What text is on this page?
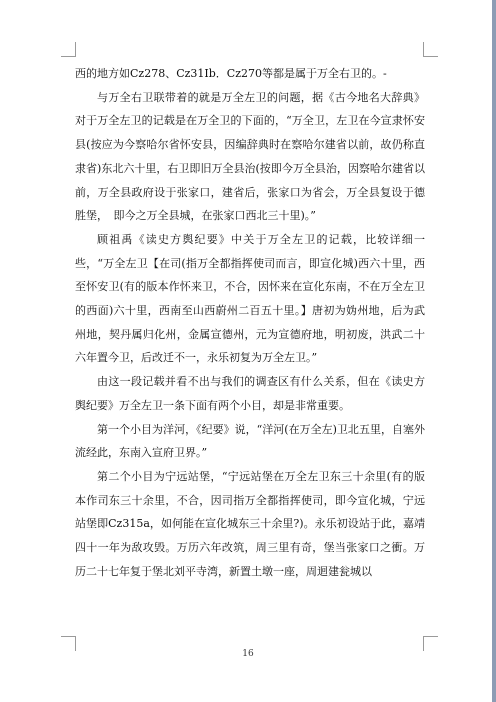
西的地方如Cz278、Cz31Ib．Cz270等都是属于万全右卫的。-

与万全右卫联带着的就是万全左卫的问题，据《古今地名大辞典》对于万全左卫的记载是在万全卫的下面的，“万全卫，左卫在今宣隶怀安县(按应为今察哈尔省怀安县，因编辞典时在察哈尔建省以前，故仍称直隶省)东北六十里，右卫即旧万全县治(按即今万全县治，因察哈尔建省以前，万全县政府设于张家口，建省后，张家口为省会，万全县复设于德胜堡，　即今之万全县城，在张家口西北三十里)。”

顾祖禹《读史方舆纪要》中关于万全左卫的记载，比较详细一些，“万全左卫【在司(指万全都指挥使司而言，即宣化城)西六十里，西至怀安卫(有的版本作怀来卫，不合，因怀来在宣化东南，不在万全左卫的西面)六十里，西南至山西蔚州二百五十里。】唐初为妫州地，后为武州地，契丹属归化州，金属宣德州，元为宣德府地，明初废，洪武二十六年置今卫，后改迁不一，永乐初复为万全左卫。”

由这一段记载并看不出与我们的调查区有什么关系，但在《读史方舆纪要》万全左卫一条下面有两个小目，却是非常重要。

第一个小目为洋河，《纪要》说，“洋河(在万全左)卫北五里，自塞外流经此，东南入宣府卫界。”

第二个小目为宁远站堡，“宁远站堡在万全左卫东三十余里(有的版本作司东三十余里，不合，因司指万全都指挥使司，即今宣化城，宁远站堡即Cz315a，如何能在宣化城东三十余里?)。永乐初设站于此，嘉靖四十一年为敌攻毁。万历六年改筑，周三里有奇，堡当张家口之衝。万历二十七年复于堡北刘平寺湾，新置土墩一座，周迴建瓮城以

16
